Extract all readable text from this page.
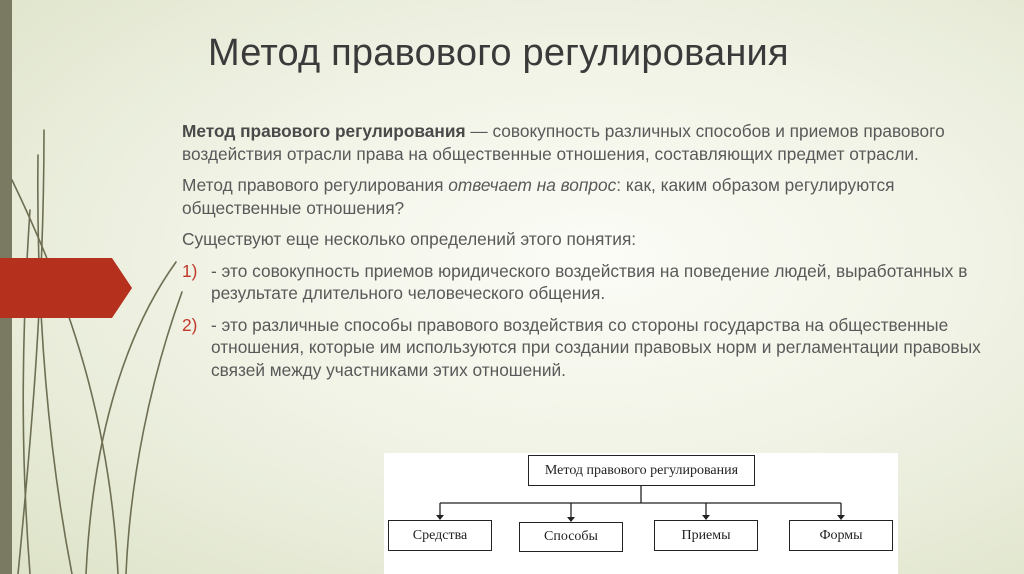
Метод правового регулирования

Метод правового регулирования — совокупность различных способов и приемов правового воздействия отрасли права на общественные отношения, составляющих предмет отрасли.

Метод правового регулирования отвечает на вопрос: как, каким образом регулируются общественные отношения?

Существуют еще несколько определений этого понятия:

1) - это совокупность приемов юридического воздействия на поведение людей, выработанных в результате длительного человеческого общения.
2) - это различные способы правового воздействия со стороны государства на общественные отношения, которые им используются при создании правовых норм и регламентации правовых связей между участниками этих отношений.
Метод правового регулирования
Средства	Способы	Приемы	Формы
